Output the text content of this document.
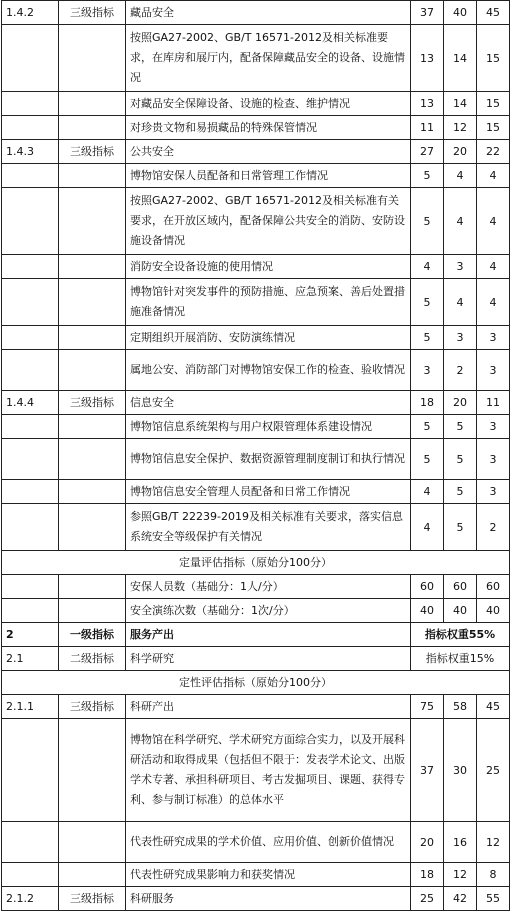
1.4.2	三级指标	藏品安全	37	40	45
		按照GA27-2002、GB/T 16571-2012及相关标准要求，在库房和展厅内，配备保障藏品安全的设备、设施情况	13	14	15
		对藏品安全保障设备、设施的检查、维护情况	13	14	15
		对珍贵文物和易损藏品的特殊保管情况	11	12	15
1.4.3	三级指标	公共安全	27	20	22
		博物馆安保人员配备和日常管理工作情况	5	4	4
		按照GA27-2002、GB/T 16571-2012及相关标准有关要求，在开放区域内，配备保障公共安全的消防、安防设施设备情况	5	4	4
		消防安全设备设施的使用情况	4	3	4
		博物馆针对突发事件的预防措施、应急预案、善后处置措施准备情况	5	4	4
		定期组织开展消防、安防演练情况	5	3	3
		属地公安、消防部门对博物馆安保工作的检查、验收情况	3	2	3
1.4.4	三级指标	信息安全	18	20	11
		博物馆信息系统架构与用户权限管理体系建设情况	5	5	3
		博物馆信息安全保护、数据资源管理制度制订和执行情况	5	5	3
		博物馆信息安全管理人员配备和日常工作情况	4	5	3
		参照GB/T 22239-2019及相关标准有关要求，落实信息系统安全等级保护有关情况	4	5	2
定量评估指标（原始分100分）					
		安保人员数（基础分：1人/分）	60	60	60
		安全演练次数（基础分：1次/分）	40	40	40
2	一级指标	服务产出	指标权重55%		
2.1	二级指标	科学研究	指标权重15%		
定性评估指标（原始分100分）					
2.1.1	三级指标	科研产出	75	58	45
		博物馆在科学研究、学术研究方面综合实力，以及开展科研活动和取得成果（包括但不限于：发表学术论文、出版学术专著、承担科研项目、考古发掘项目、课题、获得专利、参与制订标准）的总体水平	37	30	25
		代表性研究成果的学术价值、应用价值、创新价值情况	20	16	12
		代表性研究成果影响力和获奖情况	18	12	8
2.1.2	三级指标	科研服务	25	42	55
